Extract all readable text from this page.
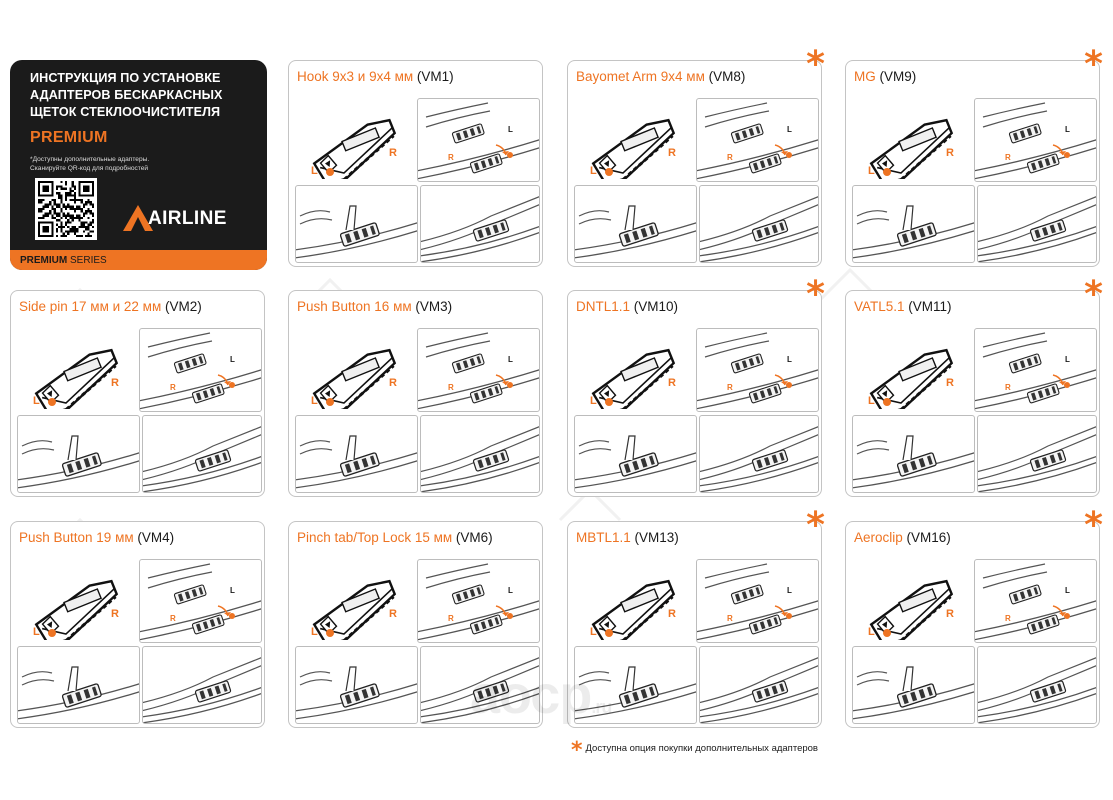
ИНСТРУКЦИЯ ПО УСТАНОВКЕ
АДАПТЕРОВ БЕСКАРКАСНЫХ
ЩЕТОК СТЕКЛООЧИСТИТЕЛЯ
PREMIUM
*Доступны дополнительные адаптеры.
Сканируйте QR-код для подробностей
AIRLINE
PREMIUM SERIES
Hook 9x3 и 9x4 мм (VM1)
R
L
R
L
Bayomet Arm 9x4 мм (VM8) *
R
L
R
L
MG (VM9)	*
R
L
R
L
Side pin 17 мм и 22 мм (VM2)
R
L
R
L
Push Button 16 мм (VM3)
R
L
R
L
DNTL1.1 (VM10)	*
R
L
R
L
VATL5.1 (VM11)	*
R
L
R
L
Push Button 19 мм (VM4)
R
L
R
L
Pinch tab/Top Lock 15 мм (VM6)
R
L
R
L
MBTL1.1 (VM13)	*
R
L
R
L
Aeroclip (VM16)	*
R
L
R
L
аоср.ru
* Доступна опция покупки дополнительных адаптеров
